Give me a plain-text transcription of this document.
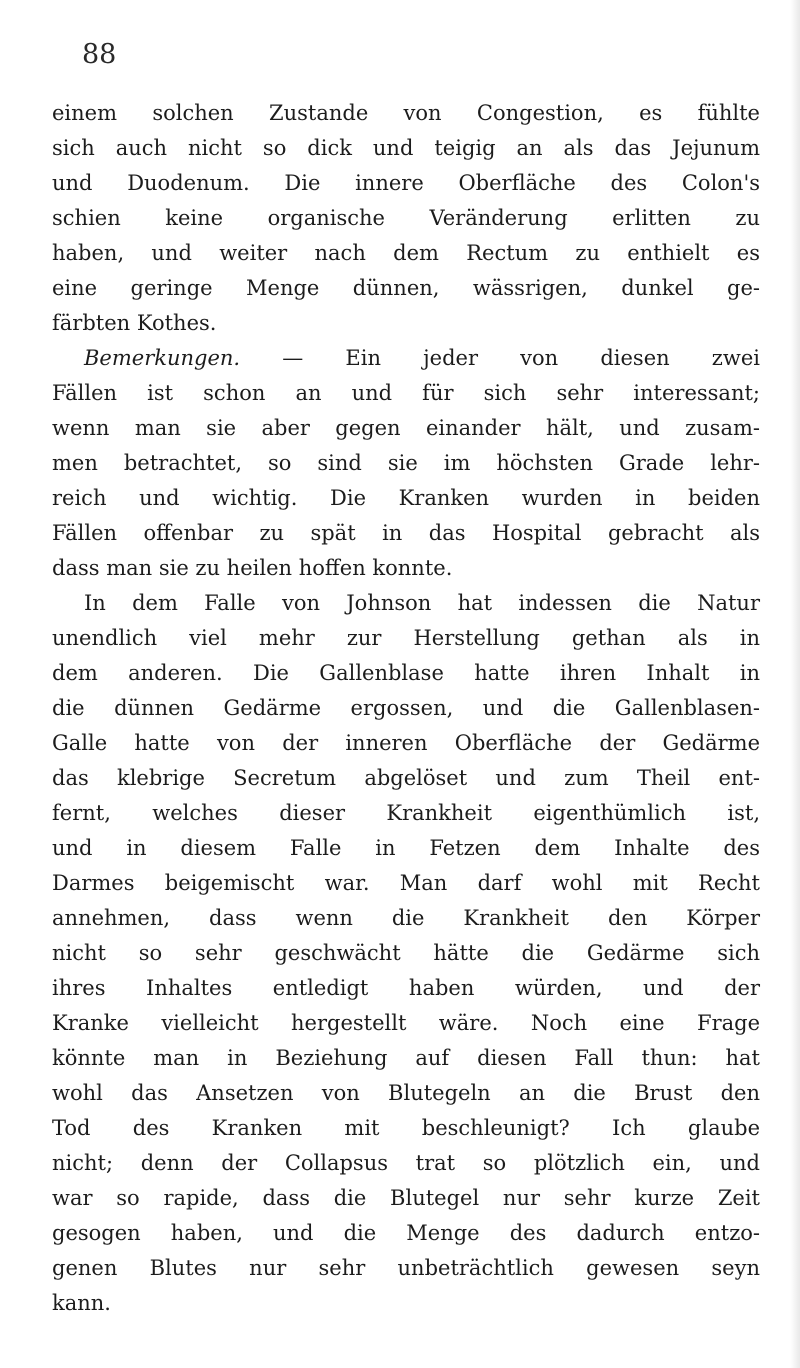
88
einem solchen Zustande von Congestion, es fühlte
sich auch nicht so dick und teigig an als das Jejunum
und Duodenum. Die innere Oberfläche des Colon's
schien keine organische Veränderung erlitten zu
haben, und weiter nach dem Rectum zu enthielt es
eine geringe Menge dünnen, wässrigen, dunkel ge-
färbten Kothes.
Bemerkungen. — Ein jeder von diesen zwei
Fällen ist schon an und für sich sehr interessant;
wenn man sie aber gegen einander hält, und zusam-
men betrachtet, so sind sie im höchsten Grade lehr-
reich und wichtig. Die Kranken wurden in beiden
Fällen offenbar zu spät in das Hospital gebracht als
dass man sie zu heilen hoffen konnte.
In dem Falle von Johnson hat indessen die Natur
unendlich viel mehr zur Herstellung gethan als in
dem anderen. Die Gallenblase hatte ihren Inhalt in
die dünnen Gedärme ergossen, und die Gallenblasen-
Galle hatte von der inneren Oberfläche der Gedärme
das klebrige Secretum abgelöset und zum Theil ent-
fernt, welches dieser Krankheit eigenthümlich ist,
und in diesem Falle in Fetzen dem Inhalte des
Darmes beigemischt war. Man darf wohl mit Recht
annehmen, dass wenn die Krankheit den Körper
nicht so sehr geschwächt hätte die Gedärme sich
ihres Inhaltes entledigt haben würden, und der
Kranke vielleicht hergestellt wäre. Noch eine Frage
könnte man in Beziehung auf diesen Fall thun: hat
wohl das Ansetzen von Blutegeln an die Brust den
Tod des Kranken mit beschleunigt? Ich glaube
nicht; denn der Collapsus trat so plötzlich ein, und
war so rapide, dass die Blutegel nur sehr kurze Zeit
gesogen haben, und die Menge des dadurch entzo-
genen Blutes nur sehr unbeträchtlich gewesen seyn
kann.
